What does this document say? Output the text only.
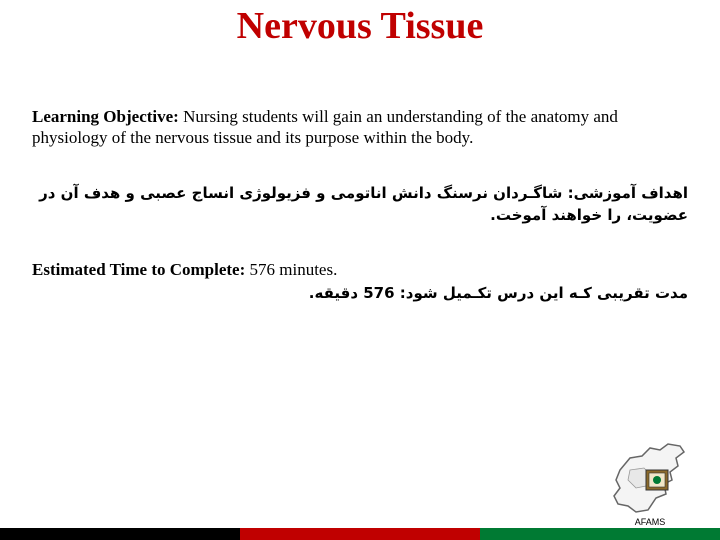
Nervous Tissue
Learning Objective: Nursing students will gain an understanding of the anatomy and physiology of the nervous tissue and its purpose within the body.
اهداف آموزشی: شاگـردان نرسنگ دانش اناتومی و فزیولوژی انساج عصبی و هدف آن در عضویت، را خواهند آموخت.
Estimated Time to Complete: 576 minutes.
مدت تقریبی کـه این درس تکـمیل شود: 576 دقیقه.
AFAMS
